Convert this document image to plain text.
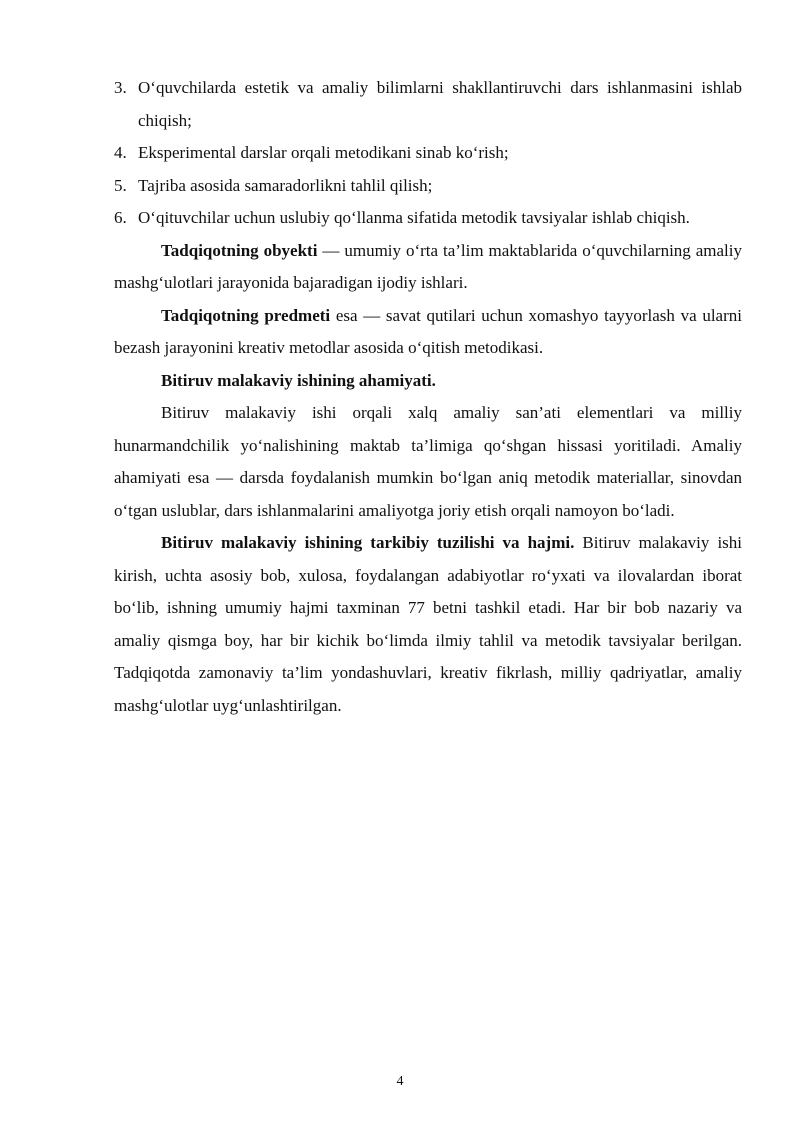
3. O‘quvchilarda estetik va amaliy bilimlarni shakllantiruvchi dars ishlanmasini ishlab chiqish;
4. Eksperimental darslar orqali metodikani sinab ko‘rish;
5. Tajriba asosida samaradorlikni tahlil qilish;
6. O‘qituvchilar uchun uslubiy qo‘llanma sifatida metodik tavsiyalar ishlab chiqish.

Tadqiqotning obyekti — umumiy o‘rta ta’lim maktablarida o‘quvchilarning amaliy mashg‘ulotlari jarayonida bajaradigan ijodiy ishlari.

Tadqiqotning predmeti esa — savat qutilari uchun xomashyo tayyorlash va ularni bezash jarayonini kreativ metodlar asosida o‘qitish metodikasi.

Bitiruv malakaviy ishining ahamiyati.

Bitiruv malakaviy ishi orqali xalq amaliy san’ati elementlari va milliy hunarmandchilik yo‘nalishining maktab ta’limiga qo‘shgan hissasi yoritiladi. Amaliy ahamiyati esa — darsda foydalanish mumkin bo‘lgan aniq metodik materiallar, sinovdan o‘tgan uslublar, dars ishlanmalarini amaliyotga joriy etish orqali namoyon bo‘ladi.

Bitiruv malakaviy ishining tarkibiy tuzilishi va hajmi. Bitiruv malakaviy ishi kirish, uchta asosiy bob, xulosa, foydalangan adabiyotlar ro‘yxati va ilovalardan iborat bo‘lib, ishning umumiy hajmi taxminan 77 betni tashkil etadi. Har bir bob nazariy va amaliy qismga boy, har bir kichik bo‘limda ilmiy tahlil va metodik tavsiyalar berilgan. Tadqiqotda zamonaviy ta’lim yondashuvlari, kreativ fikrlash, milliy qadriyatlar, amaliy mashg‘ulotlar uyg‘unlashtirilgan.

4
